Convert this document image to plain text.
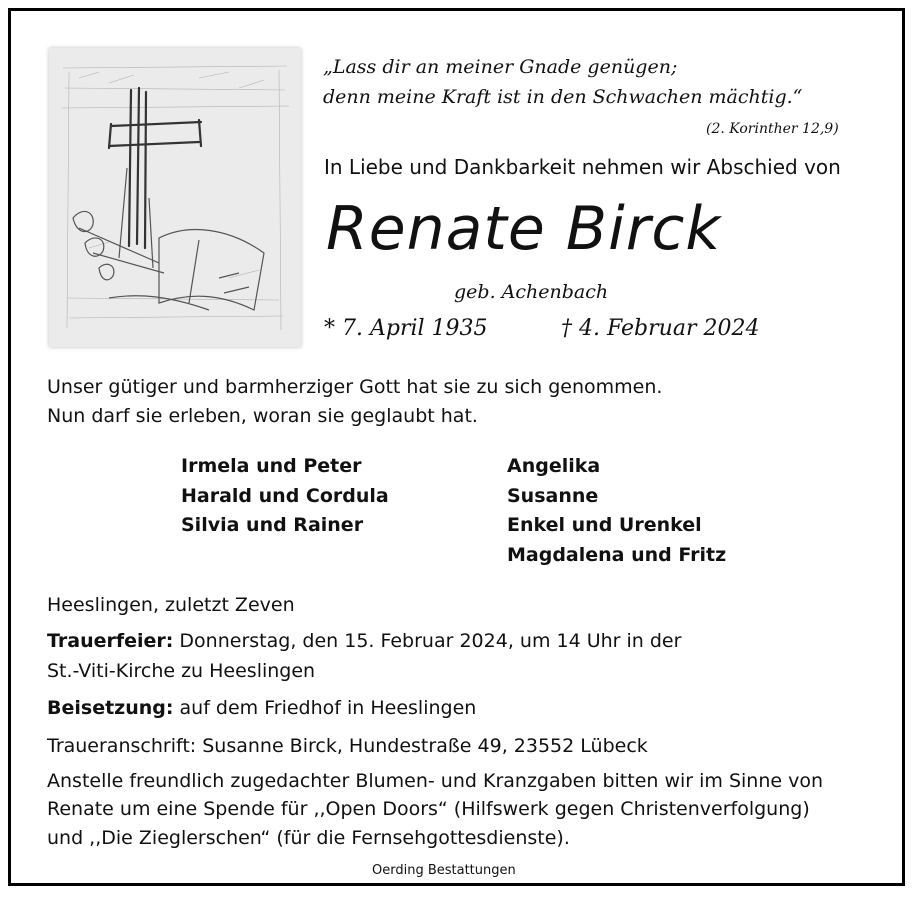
„Lass dir an meiner Gnade genügen;
denn meine Kraft ist in den Schwachen mächtig.“
(2. Korinther 12,9)
In Liebe und Dankbarkeit nehmen wir Abschied von
Renate Birck
geb. Achenbach
* 7. April 1935	† 4. Februar 2024
Unser gütiger und barmherziger Gott hat sie zu sich genommen.
Nun darf sie erleben, woran sie geglaubt hat.
Irmela und Peter
Harald und Cordula
Silvia und Rainer
Angelika
Susanne
Enkel und Urenkel
Magdalena und Fritz
Heeslingen, zuletzt Zeven
Trauerfeier: Donnerstag, den 15. Februar 2024, um 14 Uhr in der
St.-Viti-Kirche zu Heeslingen
Beisetzung: auf dem Friedhof in Heeslingen
Traueranschrift: Susanne Birck, Hundestraße 49, 23552 Lübeck
Anstelle freundlich zugedachter Blumen- und Kranzgaben bitten wir im Sinne von
Renate um eine Spende für ,,Open Doors“ (Hilfswerk gegen Christenverfolgung)
und ,,Die Zieglerschen“ (für die Fernsehgottesdienste).
Oerding Bestattungen
